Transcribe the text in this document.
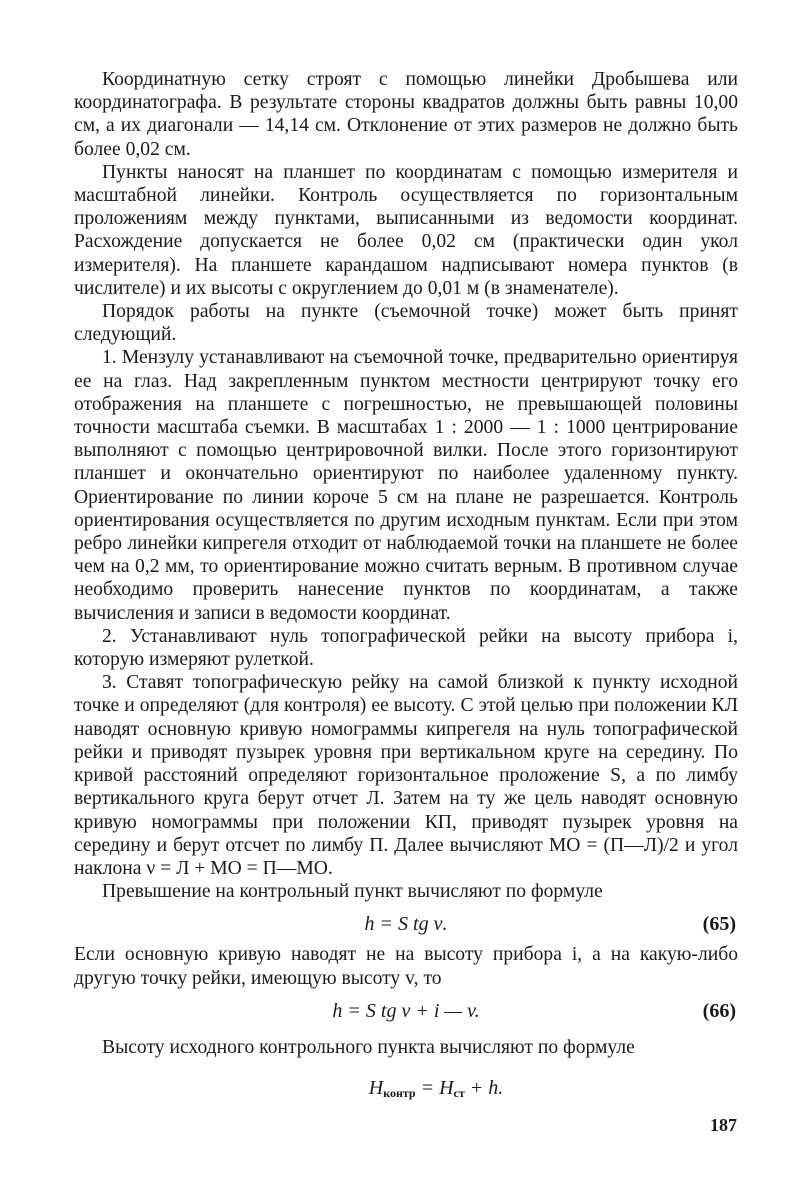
Координатную сетку строят с помощью линейки Дробышева или координатографа. В результате стороны квадратов должны быть равны 10,00 см, а их диагонали — 14,14 см. Отклонение от этих размеров не должно быть более 0,02 см.

Пункты наносят на планшет по координатам с помощью измерителя и масштабной линейки. Контроль осуществляется по горизонтальным проложениям между пунктами, выписанными из ведомости координат. Расхождение допускается не более 0,02 см (практически один укол измерителя). На планшете карандашом надписывают номера пунктов (в числителе) и их высоты с округлением до 0,01 м (в знаменателе).

Порядок работы на пункте (съемочной точке) может быть принят следующий.

1. Мензулу устанавливают на съемочной точке, предварительно ориентируя ее на глаз. Над закрепленным пунктом местности центрируют точку его отображения на планшете с погрешностью, не превышающей половины точности масштаба съемки. В масштабах 1 : 2000 — 1 : 1000 центрирование выполняют с помощью центрировочной вилки. После этого горизонтируют планшет и окончательно ориентируют по наиболее удаленному пункту. Ориентирование по линии короче 5 см на плане не разрешается. Контроль ориентирования осуществляется по другим исходным пунктам. Если при этом ребро линейки кипрегеля отходит от наблюдаемой точки на планшете не более чем на 0,2 мм, то ориентирование можно считать верным. В противном случае необходимо проверить нанесение пунктов по координатам, а также вычисления и записи в ведомости координат.

2. Устанавливают нуль топографической рейки на высоту прибора i, которую измеряют рулеткой.

3. Ставят топографическую рейку на самой близкой к пункту исходной точке и определяют (для контроля) ее высоту. С этой целью при положении КЛ наводят основную кривую номограммы кипрегеля на нуль топографической рейки и приводят пузырек уровня при вертикальном круге на середину. По кривой расстояний определяют горизонтальное проложение S, а по лимбу вертикального круга берут отчет Л. Затем на ту же цель наводят основную кривую номограммы при положении КП, приводят пузырек уровня на середину и берут отсчет по лимбу П. Далее вычисляют МО = (П—Л)/2 и угол наклона ν = Л + МО = П—МО.

Превышение на контрольный пункт вычисляют по формуле

h = S tg ν.	(65)

Если основную кривую наводят не на высоту прибора i, а на какую-либо другую точку рейки, имеющую высоту v, то

h = S tg ν + i — v.	(66)

Высоту исходного контрольного пункта вычисляют по формуле

$H_{контр} = H_{ст} + h$.
187
